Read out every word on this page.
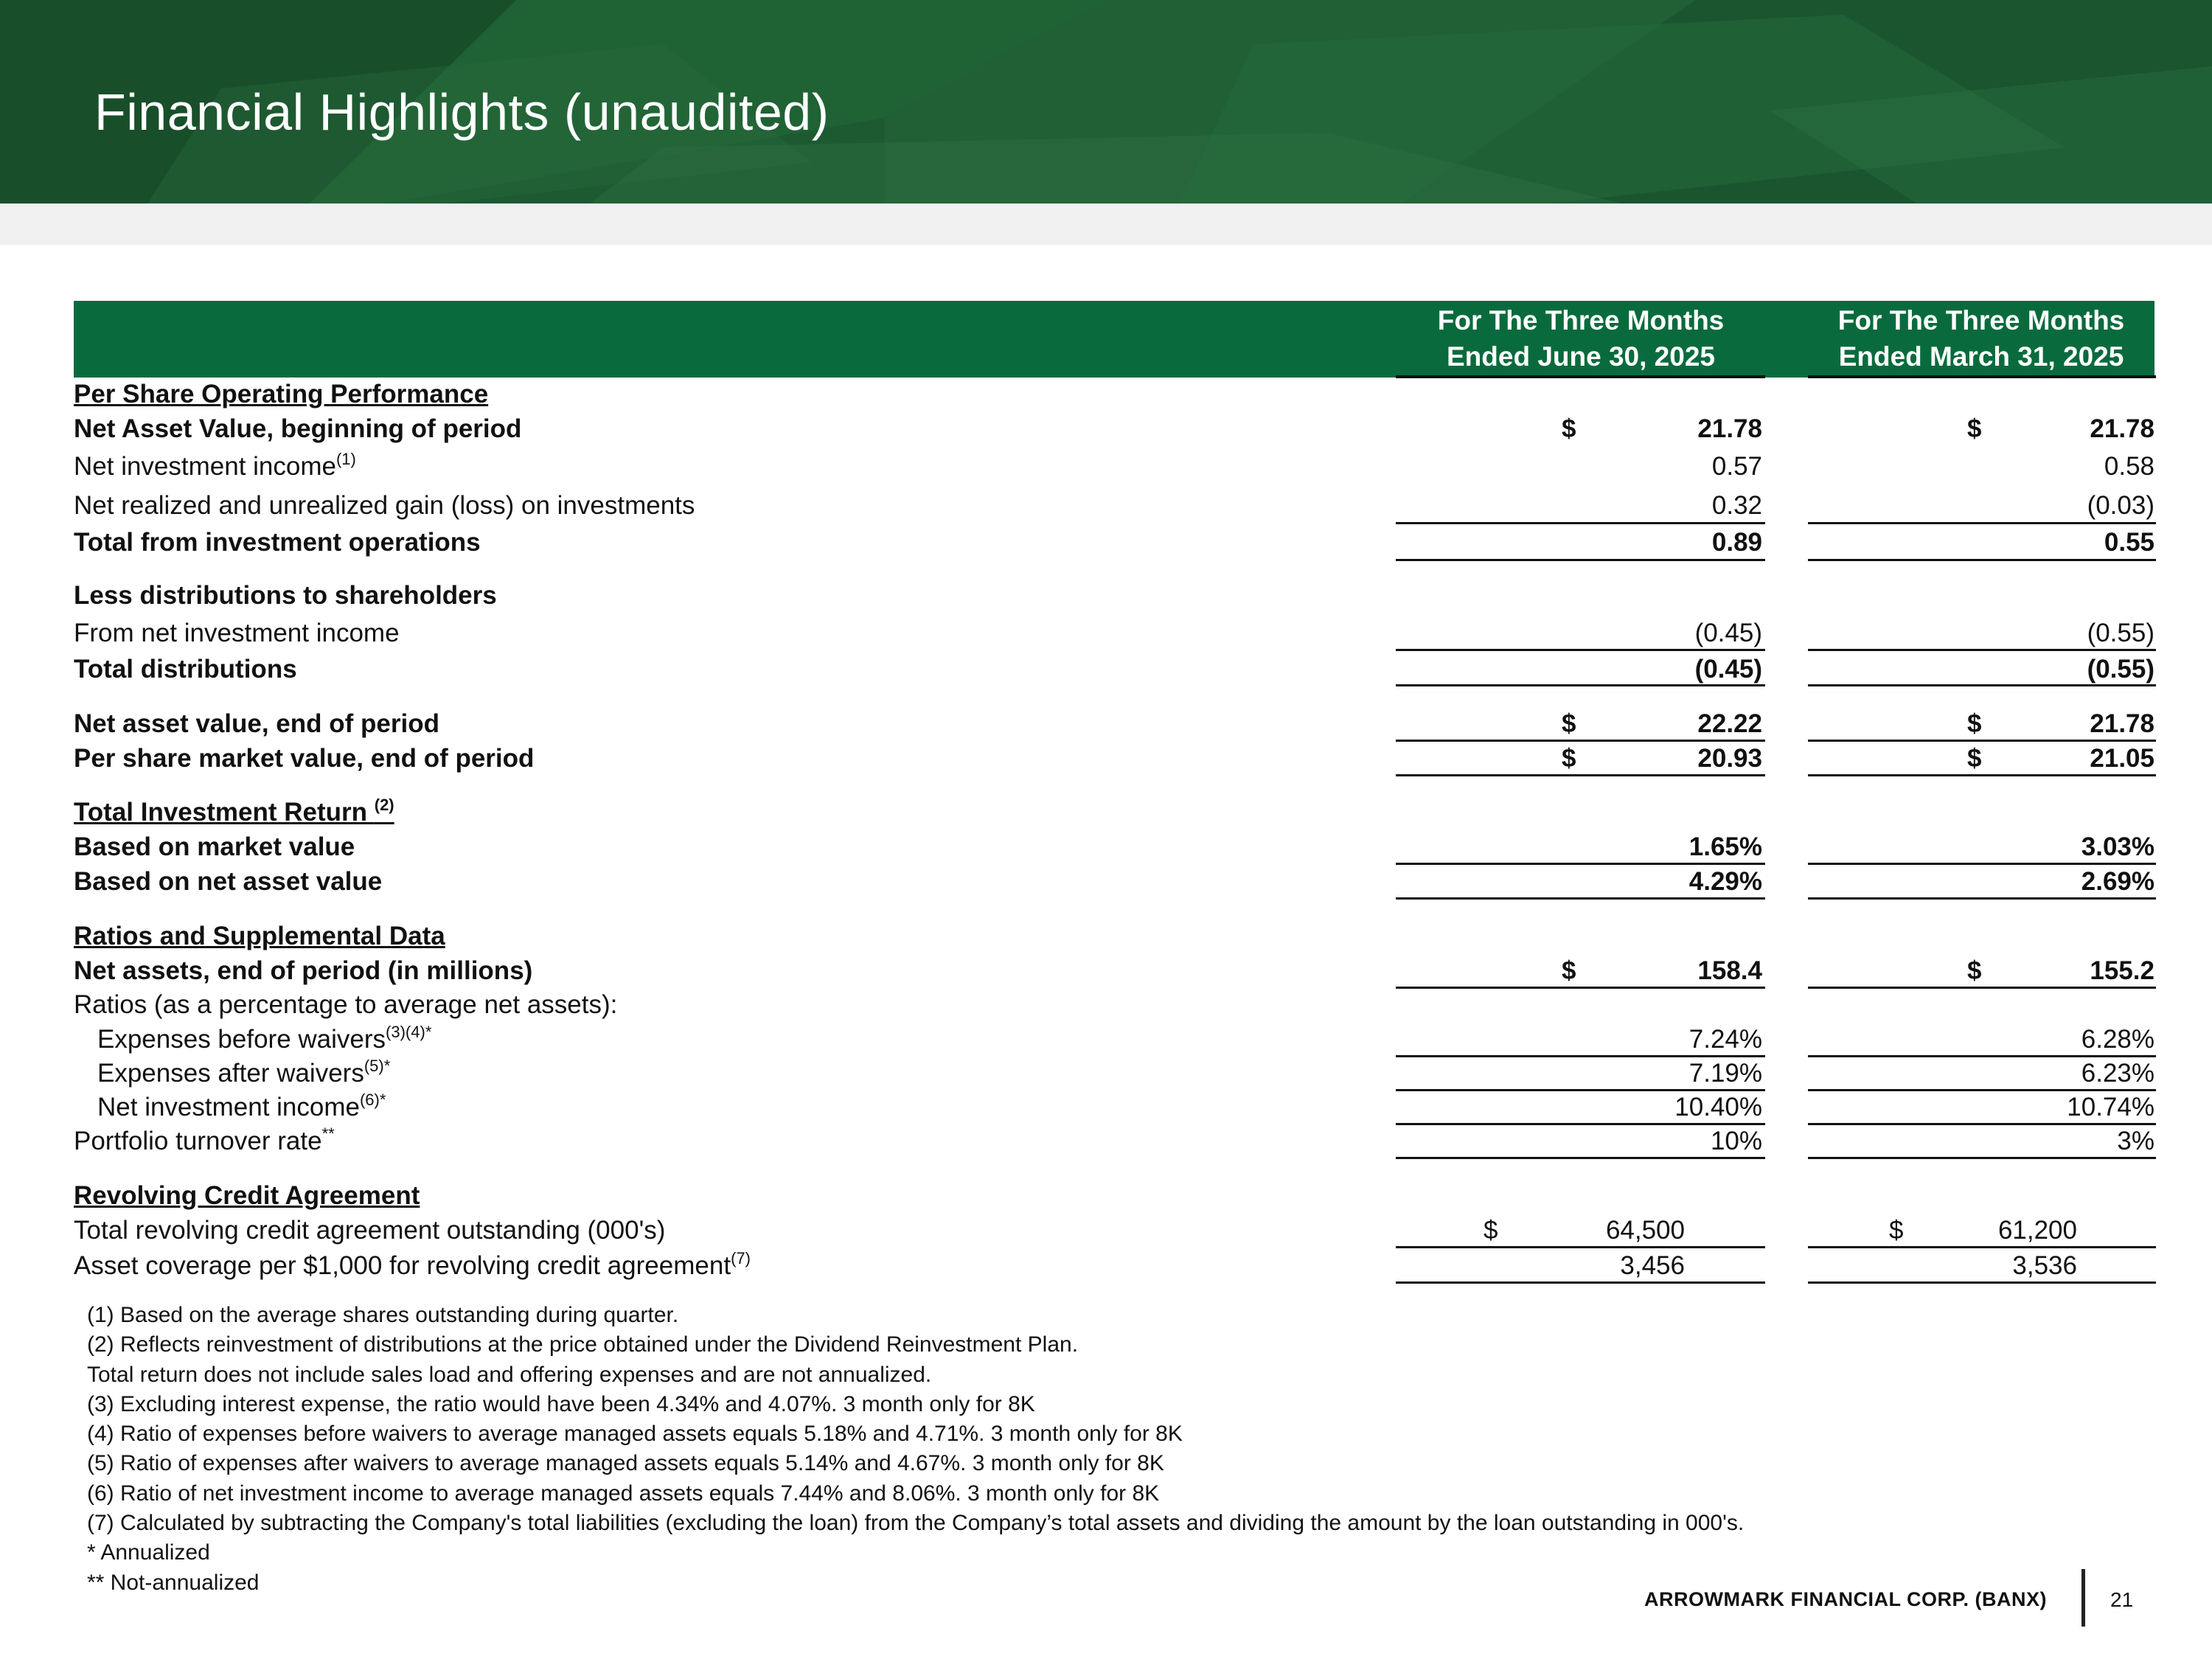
Financial Highlights (unaudited)
For The Three Months
Ended June 30, 2025
For The Three Months
Ended March 31, 2025
Per Share Operating Performance
Net Asset Value, beginning of period	$	21.78	$	21.78
Net investment income$^{(1)}$	0.57	0.58
Net realized and unrealized gain (loss) on investments	0.32	(0.03)
Total from investment operations	0.89	0.55
Less distributions to shareholders
From net investment income	(0.45)	(0.55)
Total distributions	(0.45)	(0.55)
Net asset value, end of period	$	22.22	$	21.78
Per share market value, end of period	$	20.93	$	21.05
Total Investment Return $^{(2)}$
Based on market value	1.65%	3.03%
Based on net asset value	4.29%	2.69%
Ratios and Supplemental Data
Net assets, end of period (in millions)	$	158.4	$	155.2
Ratios (as a percentage to average net assets):
Expenses before waivers$^{(3)(4)*}$	7.24%	6.28%
Expenses after waivers$^{(5)*}$	7.19%	6.23%
Net investment income$^{(6)*}$	10.40%	10.74%
Portfolio turnover rate**	10%	3%
Revolving Credit Agreement
Total revolving credit agreement outstanding (000's)	$	64,500	$	61,200
Asset coverage per $1,000 for revolving credit agreement$^{(7)}$	3,456	3,536
(1) Based on the average shares outstanding during quarter.
(2) Reflects reinvestment of distributions at the price obtained under the Dividend Reinvestment Plan.
Total return does not include sales load and offering expenses and are not annualized.
(3) Excluding interest expense, the ratio would have been 4.34% and 4.07%. 3 month only for 8K
(4) Ratio of expenses before waivers to average managed assets equals 5.18% and 4.71%. 3 month only for 8K
(5) Ratio of expenses after waivers to average managed assets equals 5.14% and 4.67%. 3 month only for 8K
(6) Ratio of net investment income to average managed assets equals 7.44% and 8.06%. 3 month only for 8K
(7) Calculated by subtracting the Company's total liabilities (excluding the loan) from the Company’s total assets and dividing the amount by the loan outstanding in 000's.
* Annualized
** Not-annualized
ARROWMARK FINANCIAL CORP. (BANX)	21
